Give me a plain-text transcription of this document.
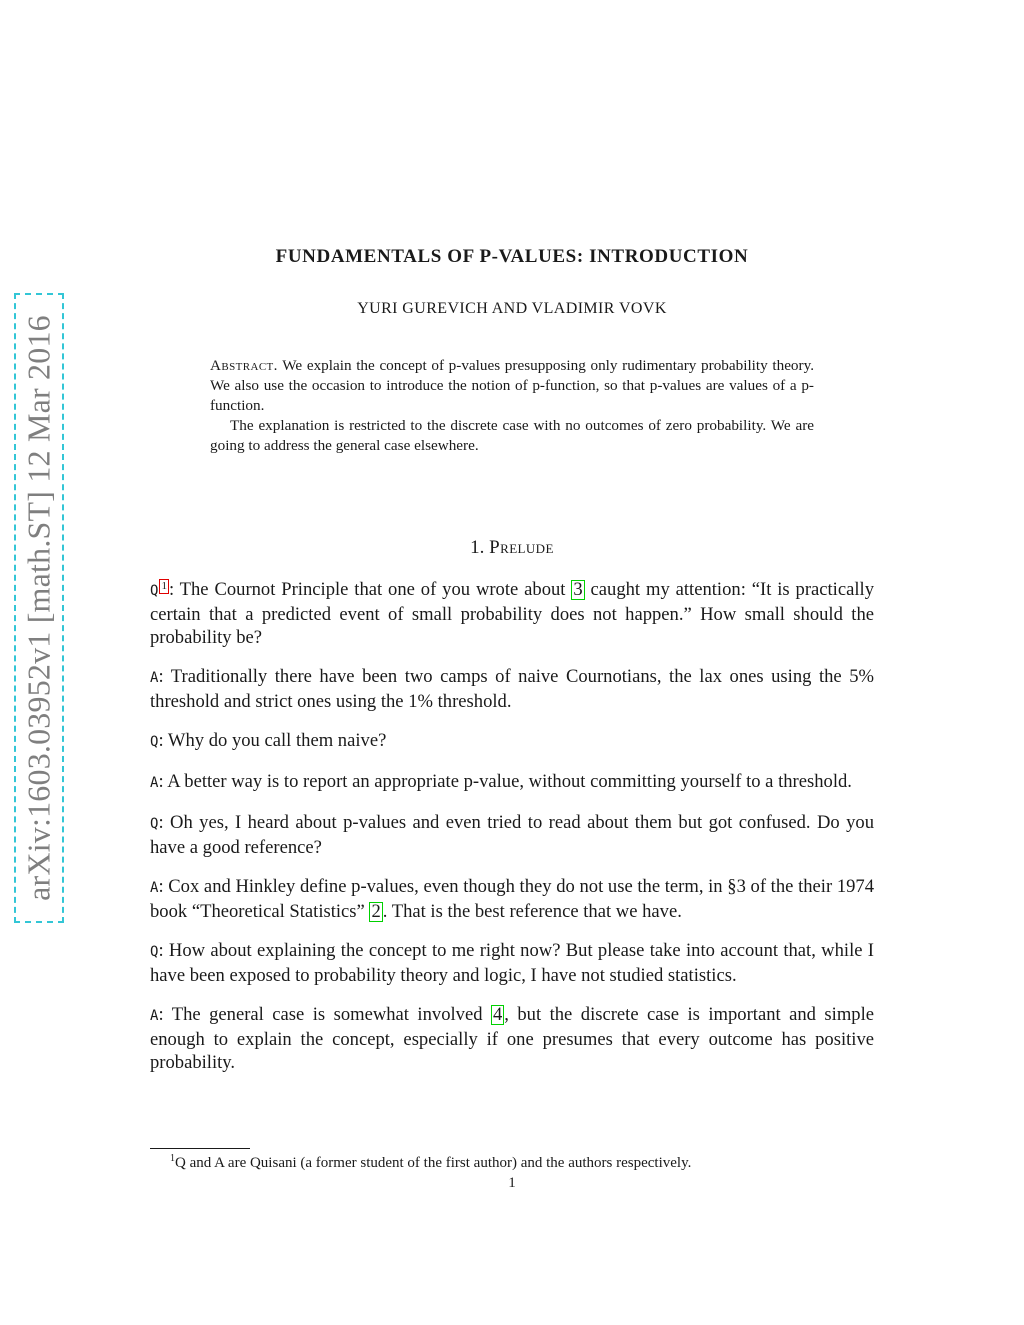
arXiv:1603.03952v1 [math.ST] 12 Mar 2016
FUNDAMENTALS OF P-VALUES: INTRODUCTION
YURI GUREVICH AND VLADIMIR VOVK

Abstract. We explain the concept of p-values presupposing only rudimentary probability theory. We also use the occasion to introduce the notion of p-function, so that p-values are values of a p-function.

The explanation is restricted to the discrete case with no outcomes of zero probability. We are going to address the general case elsewhere.

1. Prelude

Q 1 : The Cournot Principle that one of you wrote about 3 caught my attention: “It is practically certain that a predicted event of small probability does not happen.” How small should the probability be?

A: Traditionally there have been two camps of naive Cournotians, the lax ones using the 5% threshold and strict ones using the 1% threshold.

Q: Why do you call them naive?

A: A better way is to report an appropriate p-value, without committing yourself to a threshold.

Q: Oh yes, I heard about p-values and even tried to read about them but got confused. Do you have a good reference?

A: Cox and Hinkley define p-values, even though they do not use the term, in §3 of the their 1974 book “Theoretical Statistics” 2 . That is the best reference that we have.

Q: How about explaining the concept to me right now? But please take into account that, while I have been exposed to probability theory and logic, I have not studied statistics.

A: The general case is somewhat involved 4 , but the discrete case is important and simple enough to explain the concept, especially if one presumes that every outcome has positive probability.

$^1$Q and A are Quisani (a former student of the first author) and the authors respectively.
1
